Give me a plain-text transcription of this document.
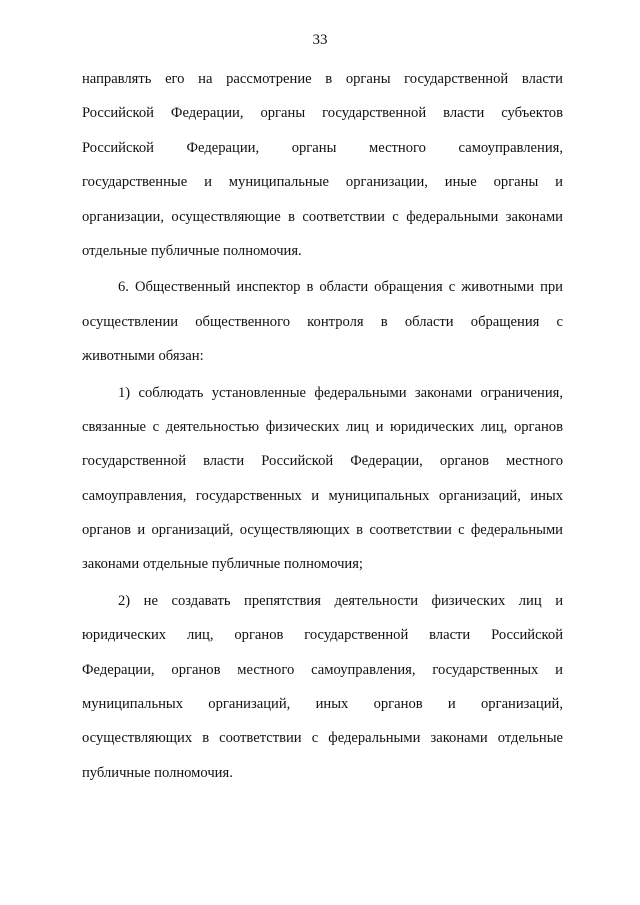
33
направлять его на рассмотрение в органы государственной власти
Российской Федерации, органы государственной власти субъектов
Российской Федерации, органы местного самоуправления,
государственные и муниципальные организации, иные органы и
организации, осуществляющие в соответствии с федеральными законами
отдельные публичные полномочия.
6. Общественный инспектор в области обращения с животными при
осуществлении общественного контроля в области обращения с
животными обязан:
1) соблюдать установленные федеральными законами ограничения,
связанные с деятельностью физических лиц и юридических лиц, органов
государственной власти Российской Федерации, органов местного
самоуправления, государственных и муниципальных организаций, иных
органов и организаций, осуществляющих в соответствии с федеральными
законами отдельные публичные полномочия;
2) не создавать препятствия деятельности физических лиц и
юридических лиц, органов государственной власти Российской
Федерации, органов местного самоуправления, государственных и
муниципальных организаций, иных органов и организаций,
осуществляющих в соответствии с федеральными законами отдельные
публичные полномочия.
